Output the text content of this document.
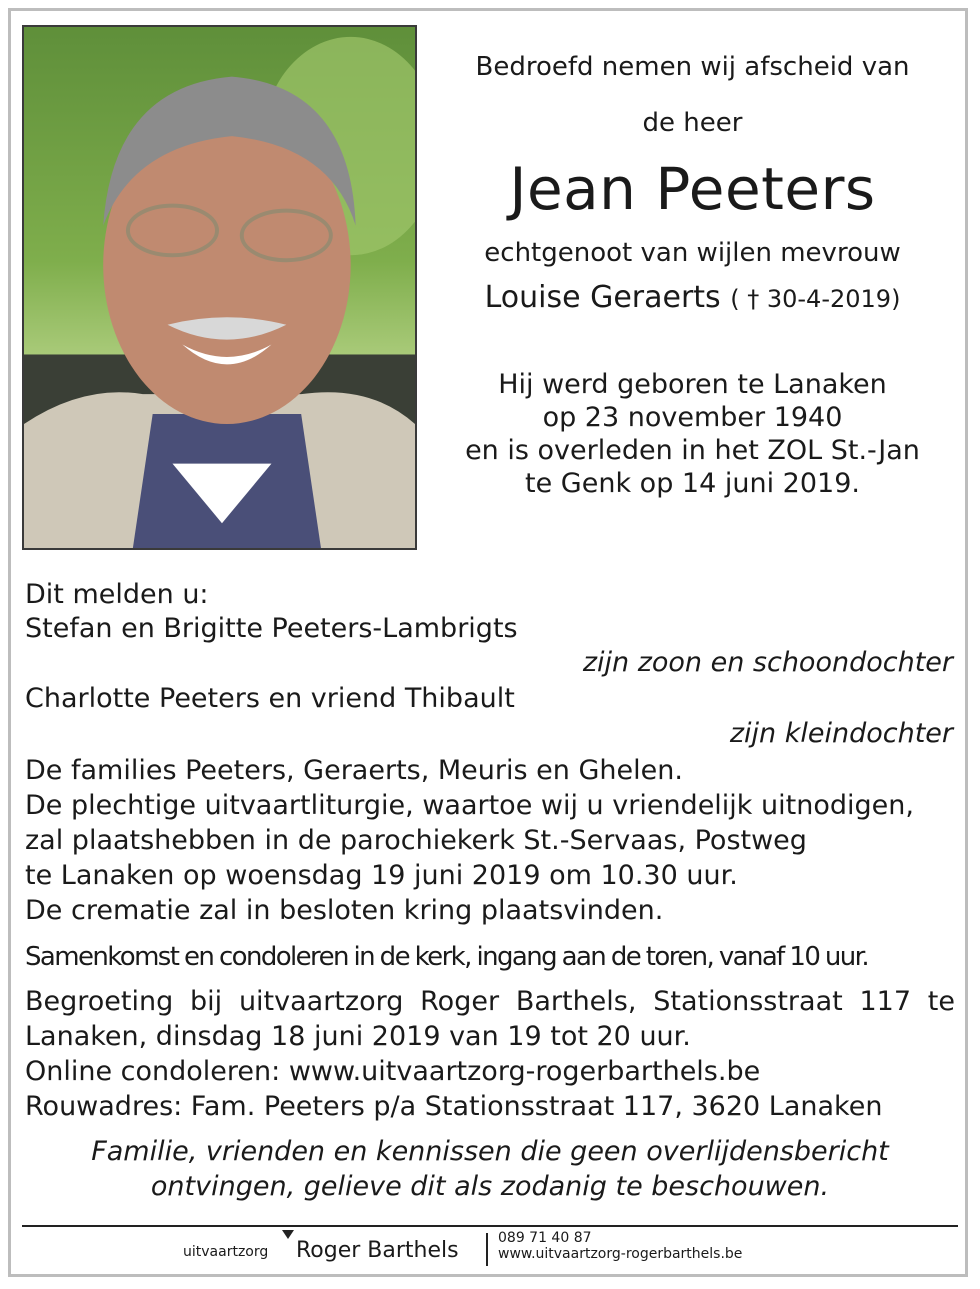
Bedroefd nemen wij afscheid van
de heer
Jean Peeters
echtgenoot van wijlen mevrouw
Louise Geraerts ( † 30-4-2019)
Hij werd geboren te Lanaken
op 23 november 1940
en is overleden in het ZOL St.-Jan
te Genk op 14 juni 2019.
Dit melden u:
Stefan en Brigitte Peeters-Lambrigts
zijn zoon en schoondochter
Charlotte Peeters en vriend Thibault
zijn kleindochter
De families Peeters, Geraerts, Meuris en Ghelen.
De plechtige uitvaartliturgie, waartoe wij u vriendelijk uitnodigen,
zal plaatshebben in de parochiekerk St.-Servaas, Postweg
te Lanaken op woensdag 19 juni 2019 om 10.30 uur.
De crematie zal in besloten kring plaatsvinden.
Samenkomst en condoleren in de kerk, ingang aan de toren, vanaf 10 uur.
Begroeting bij uitvaartzorg Roger Barthels, Stationsstraat 117 te
Lanaken, dinsdag 18 juni 2019 van 19 tot 20 uur.
Online condoleren: www.uitvaartzorg-rogerbarthels.be
Rouwadres: Fam. Peeters p/a Stationsstraat 117, 3620 Lanaken
Familie, vrienden en kennissen die geen overlijdensbericht
ontvingen, gelieve dit als zodanig te beschouwen.
uitvaartzorg Roger Barthels	089 71 40 87
www.uitvaartzorg-rogerbarthels.be
